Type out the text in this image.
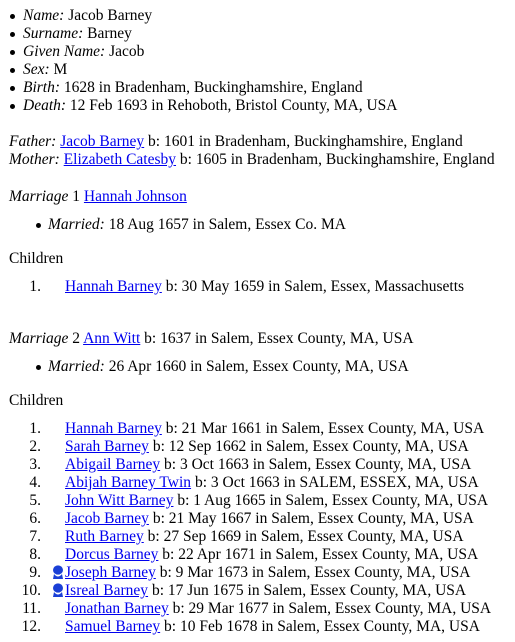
Name: Jacob Barney
Surname: Barney
Given Name: Jacob
Sex: M
Birth: 1628 in Bradenham, Buckinghamshire, England
Death: 12 Feb 1693 in Rehoboth, Bristol County, MA, USA
Father: Jacob Barney b: 1601 in Bradenham, Buckinghamshire, England
Mother: Elizabeth Catesby b: 1605 in Bradenham, Buckinghamshire, England
Marriage 1 Hannah Johnson
Married: 18 Aug 1657 in Salem, Essex Co. MA
Children
1. Hannah Barney b: 30 May 1659 in Salem, Essex, Massachusetts
Marriage 2 Ann Witt b: 1637 in Salem, Essex County, MA, USA
Married: 26 Apr 1660 in Salem, Essex County, MA, USA
Children
1. Hannah Barney b: 21 Mar 1661 in Salem, Essex County, MA, USA
2. Sarah Barney b: 12 Sep 1662 in Salem, Essex County, MA, USA
3. Abigail Barney b: 3 Oct 1663 in Salem, Essex County, MA, USA
4. Abijah Barney Twin b: 3 Oct 1663 in SALEM, ESSEX, MA, USA
5. John Witt Barney b: 1 Aug 1665 in Salem, Essex County, MA, USA
6. Jacob Barney b: 21 May 1667 in Salem, Essex County, MA, USA
7. Ruth Barney b: 27 Sep 1669 in Salem, Essex County, MA, USA
8. Dorcus Barney b: 22 Apr 1671 in Salem, Essex County, MA, USA
9. Joseph Barney b: 9 Mar 1673 in Salem, Essex County, MA, USA
10. Isreal Barney b: 17 Jun 1675 in Salem, Essex County, MA, USA
11. Jonathan Barney b: 29 Mar 1677 in Salem, Essex County, MA, USA
12. Samuel Barney b: 10 Feb 1678 in Salem, Essex County, MA, USA
